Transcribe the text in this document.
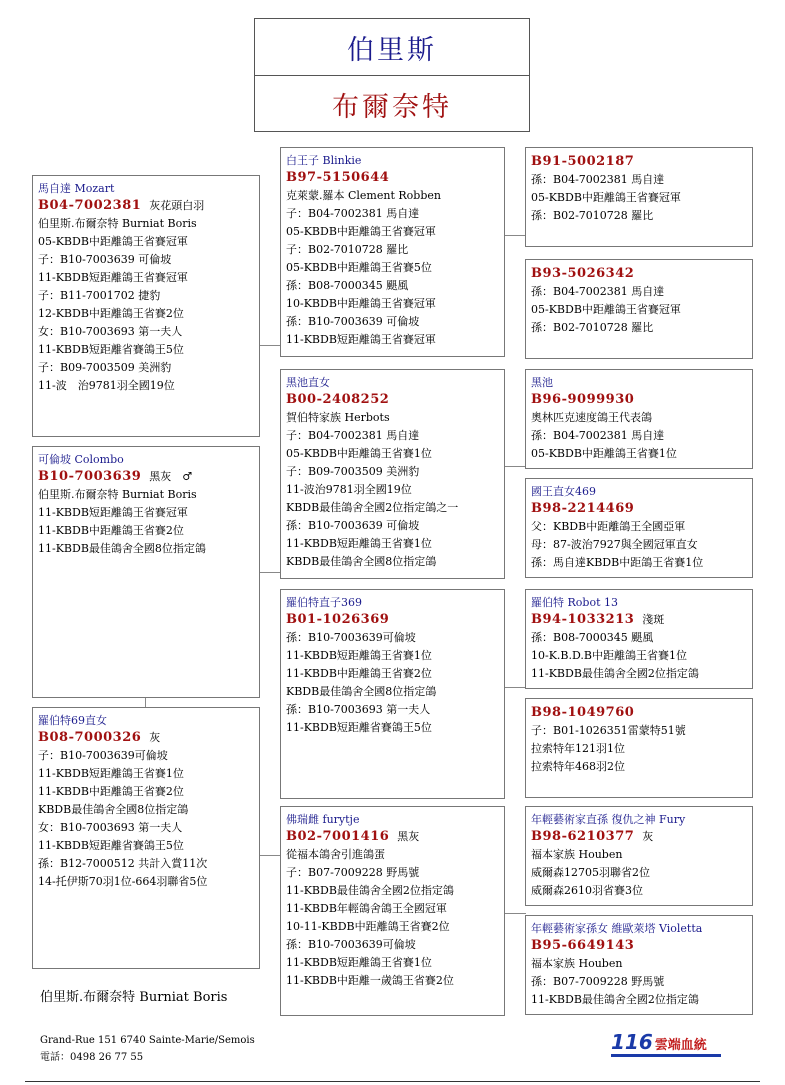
伯里斯
布爾奈特
馬自達 Mozart
B04-7002381 灰花頭白羽
伯里斯.布爾奈特 Burniat Boris
05-KBDB中距離鴿王省賽冠軍
子：B10-7003639 可倫坡
11-KBDB短距離鴿王省賽冠軍
子：B11-7001702 捷豹
12-KBDB中距離鴿王省賽2位
女：B10-7003693 第一夫人
11-KBDB短距離省賽鴿王5位
子：B09-7003509 美洲豹
11-波　治9781羽全國19位
可倫坡 Colombo
B10-7003639 黑灰　♂
伯里斯.布爾奈特 Burniat Boris
11-KBDB短距離鴿王省賽冠軍
11-KBDB中距離鴿王省賽2位
11-KBDB最佳鴿舍全國8位指定鴿
羅伯特69直女
B08-7000326 灰
子：B10-7003639可倫坡
11-KBDB短距離鴿王省賽1位
11-KBDB中距離鴿王省賽2位
KBDB最佳鴿舍全國8位指定鴿
女：B10-7003693 第一夫人
11-KBDB短距離省賽鴿王5位
孫：B12-7000512 共計入賞11次
14-托伊斯70羽1位-664羽聯省5位
白王子 Blinkie
B97-5150644
克萊蒙.羅本 Clement Robben
子：B04-7002381 馬自達
05-KBDB中距離鴿王省賽冠軍
子：B02-7010728 羅比
05-KBDB中距離鴿王省賽5位
孫：B08-7000345 颶風
10-KBDB中距離鴿王省賽冠軍
孫：B10-7003639 可倫坡
11-KBDB短距離鴿王省賽冠軍
黑池直女
B00-2408252
賀伯特家族 Herbots
子：B04-7002381 馬自達
05-KBDB中距離鴿王省賽1位
子：B09-7003509 美洲豹
11-波治9781羽全國19位
KBDB最佳鴿舍全國2位指定鴿之一
孫：B10-7003639 可倫坡
11-KBDB短距離鴿王省賽1位
KBDB最佳鴿舍全國8位指定鴿
羅伯特直子369
B01-1026369
孫：B10-7003639可倫坡
11-KBDB短距離鴿王省賽1位
11-KBDB中距離鴿王省賽2位
KBDB最佳鴿舍全國8位指定鴿
孫：B10-7003693 第一夫人
11-KBDB短距離省賽鴿王5位
佛瑞雌 furytje
B02-7001416 黑灰
從福本鴿舍引進鴿蛋
子：B07-7009228 野馬號
11-KBDB最佳鴿舍全國2位指定鴿
11-KBDB年輕鴿舍鴿王全國冠軍
10-11-KBDB中距離鴿王省賽2位
孫：B10-7003639可倫坡
11-KBDB短距離鴿王省賽1位
11-KBDB中距離一歲鴿王省賽2位
B91-5002187
孫：B04-7002381 馬自達
05-KBDB中距離鴿王省賽冠軍
孫：B02-7010728 羅比
B93-5026342
孫：B04-7002381 馬自達
05-KBDB中距離鴿王省賽冠軍
孫：B02-7010728 羅比
黑池
B96-9099930
奧林匹克速度鴿王代表鴿
孫：B04-7002381 馬自達
05-KBDB中距離鴿王省賽1位
國王直女469
B98-2214469
父：KBDB中距離鴿王全國亞軍
母：87-波治7927與全國冠軍直女
孫：馬自達KBDB中距鴿王省賽1位
羅伯特 Robot 13
B94-1033213 淺斑
孫：B08-7000345 颶風
10-K.B.D.B中距離鴿王省賽1位
11-KBDB最佳鴿舍全國2位指定鴿
B98-1049760
子：B01-1026351雷蒙特51號
拉索特年121羽1位
拉索特年468羽2位
年輕藝術家直孫 復仇之神 Fury
B98-6210377 灰
福本家族 Houben
威爾森12705羽聯省2位
威爾森2610羽省賽3位
年輕藝術家孫女 維歐萊塔 Violetta
B95-6649143
福本家族 Houben
孫：B07-7009228 野馬號
11-KBDB最佳鴿舍全國2位指定鴿
伯里斯.布爾奈特 Burniat Boris
Grand-Rue 151 6740 Sainte-Marie/Semois
電話：0498 26 77 55
116 雲端血統
